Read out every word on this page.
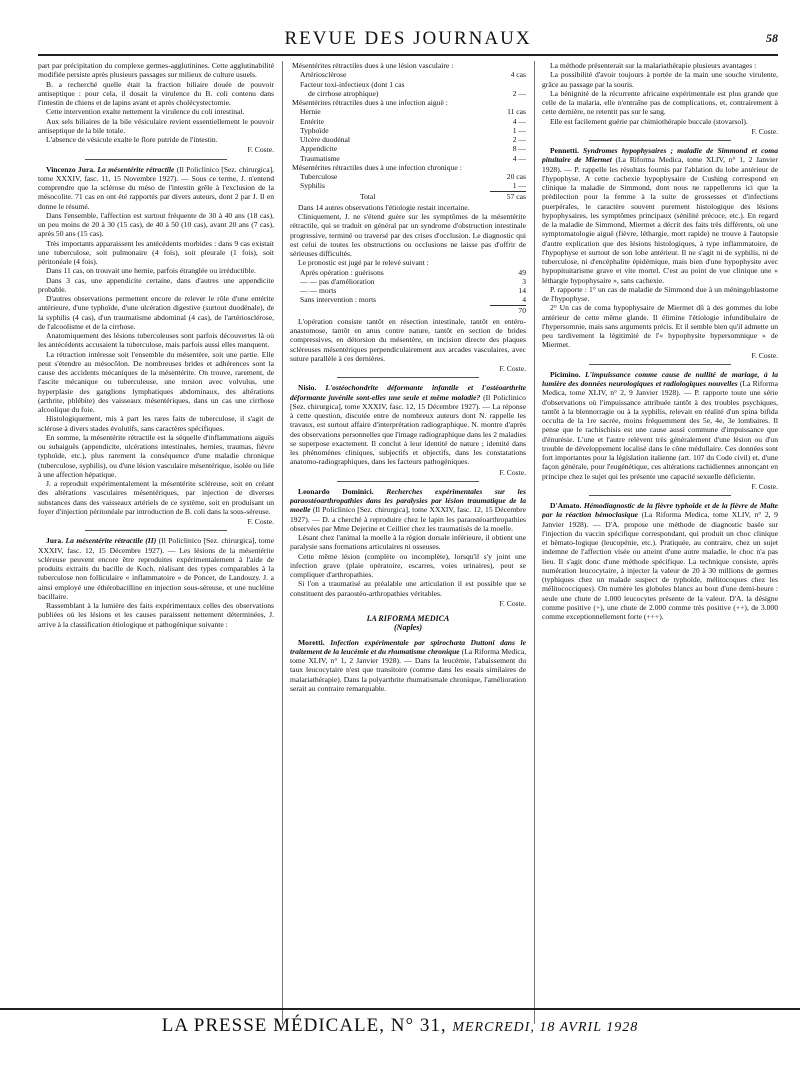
REVUE DES JOURNAUX	58

part par précipitation du complexe germes-agglutinines. Cette agglutinabilité modifiée persiste après plusieurs passages sur milieux de culture usuels.

B. a recherché quelle était la fraction biliaire douée de pouvoir antiseptique : pour cela, il dosait la virulence du B. coli contenu dans l'intestin de chiens et de lapins avant et après cholécystectomie.

Cette intervention exalte nettement la virulence du coli intestinal.

Aux sels biliaires de la bile vésiculaire revient essentiellement le pouvoir antiseptique de la bile totale.

L'absence de vésicule exalte le flore putride de l'intestin.

F. Coste.

Vincenzo Jura. La mésentérite rétractile (Il Policlinico [Sez. chirurgica], tome XXXIV, fasc. 11, 15 Novembre 1927). — Sous ce terme, J. n'entend comprendre que la sclérose du méso de l'intestin grêle à l'exclusion de la mésocolite. 71 cas en ont été rapportés par divers auteurs, dont 2 par J. Il en donne le résumé.

Dans l'ensemble, l'affection est surtout fréquente de 30 à 40 ans (18 cas), un peu moins de 20 à 30 (15 cas), de 40 à 50 (10 cas), avant 20 ans (7 cas), après 50 ans (15 cas).

Très importants apparaissent les antécédents morbides : dans 9 cas existait une tuberculose, soit pulmonaire (4 fois), soit pleurale (1 fois), soit péritonéale (4 fois).

Dans 11 cas, on trouvait une hernie, parfois étranglée ou irréductible.

Dans 3 cas, une appendicite certaine, dans d'autres une appendicite probable.

D'autres observations permettent encore de relever le rôle d'une entérite antérieure, d'une typhoïde, d'une ulcération digestive (surtout duodénale), de la syphilis (4 cas), d'un traumatisme abdominal (4 cas), de l'artériosclérose, de l'alcoolisme et de la cirrhose.

Anatomiquement des lésions tuberculeuses sont parfois découvertes là où les antécédents accusaient la tuberculose, mais parfois aussi elles manquent.

La rétraction intéresse soit l'ensemble du mésentère, soit une partie. Elle peut s'étendre au mésocôlon. De nombreuses brides et adhérences sont la cause des accidents mécaniques de la mésentérite. On trouve, rarement, de l'ascite mécanique ou tuberculeuse, une torsion avec volvulus, une hyperplasie des ganglions lymphatiques abdominaux, des altérations (arthrite, phlébite) des vaisseaux mésentériques, dans un cas une cirrhose alcoolique du foie.

Histologiquement, mis à part les rares faits de tuberculose, il s'agit de sclérose à divers stades évolutifs, sans caractères spécifiques.

En somme, la mésentérite rétractile est la séquelle d'inflammations aiguës ou subaiguës (appendicite, ulcérations intestinales, hernies, traumas, fièvre typhoïde, etc.), plus rarement la conséquence d'une maladie chronique (tuberculose, syphilis), ou d'une lésion vasculaire mésentérique, isolée ou liée à une affection hépatique.

J. a reproduit expérimentalement la mésentérite scléreuse, soit en créant des altérations vasculaires mésentériques, par injection de diverses substances dans des vaisseaux artériels de ce système, soit en produisant un foyer d'injection péritonéale par introduction de B. coli dans la sous-séreuse.

F. Coste.

Jura. La mésentérite rétractile (II) (Il Policlinico [Sez. chirurgica], tome XXXIV, fasc. 12, 15 Décembre 1927). — Les lésions de la mésentérite scléreuse peuvent encore être reproduites expérimentalement à l'aide de produits extraits du bacille de Koch, réalisant des types comparables à la tuberculose non folliculaire « inflammatoire » de Poncet, de Landouzy. J. a ainsi employé une éthérobacilline en injection sous-séreuse, et une nucléine bacillaire.

Rassemblant à la lumière des faits expérimentaux celles des observations publiées où les lésions et les causes paraissent nettement déterminées, J. arrive à la classification étiologique et pathogénique suivante :

Mésentérites rétractiles dues à une lésion vasculaire :
Artériosclérose	4 cas
Facteur toxi-infectieux (dont 1 cas
de cirrhose atrophique)	2 —
Mésentérites rétractiles dues à une infection aiguë :
Hernie	11 cas
Entérite	4 —
Typhoïde	1 —
Ulcère duodénal	2 —
Appendicite	8 —
Traumatisme	4 —
Mésentérites rétractiles dues à une infection chronique :
Tuberculose	20 cas
Syphilis	1 —
Total	57 cas

Dans 14 autres observations l'étiologie restait incertaine.

Cliniquement, J. ne s'étend guère sur les symptômes de la mésentérite rétractile, qui se traduit en général par un syndrome d'obstruction intestinale progressive, terminé ou traversé par des crises d'occlusion. Le diagnostic qui est celui de toutes les obstructions ou occlusions ne laisse pas d'offrir de sérieuses difficultés.

Le pronostic est jugé par le relevé suivant :

Après opération : guérisons	49
— — pas d'amélioration	3
— — morts	14
Sans intervention : morts	4
70

L'opération consiste tantôt en résection intestinale, tantôt en entéro-anastomose, tantôt en anus contre nature, tantôt en section de brides compressives, en détorsion du mésentère, en incision directe des plaques scléreuses mésentériques perpendiculairement aux arcades vasculaires, avec suture parallèle à ces dernières.

F. Coste.

Nisio. L'ostéochondrite déformante infantile et l'ostéoarthrite déformante juvénile sont-elles une seule et même maladie? (Il Policlinico [Sez. chirurgica], tome XXXIV, fasc. 12, 15 Décembre 1927). — La réponse à cette question, discutée entre de nombreux auteurs dont N. rappelle les travaux, est surtout affaire d'interprétation radiographique. N. montre d'après des observations personnelles que l'image radiographique dans les 2 maladies se superpose exactement. Il conclut à leur identité de nature ; identité dans les phénomènes cliniques, subjectifs et objectifs, dans les constatations anatomo-radiographiques, dans les facteurs pathogéniques.

F. Coste.

Leonardo Dominici. Recherches expérimentales sur les paraostéoarthropathies dans les paralysies par lésion traumatique de la moelle (Il Policlinico [Sez. chirurgica], tome XXXIV, fasc. 12, 15 Décembre 1927). — D. a cherché à reproduire chez le lapin les paraostéoarthropathies observées par Mme Dejerine et Ceillier chez les traumatisés de la moelle.

Lésant chez l'animal la moelle à la région dorsale inférieure, il obtient une paralysie sans formations articulaires ni osseuses.

Cette même lésion (complète ou incomplète), lorsqu'il s'y joint une infection grave (plaie opératoire, escarres, voies urinaires), peut se compliquer d'arthropathies.

Si l'on a traumatisé au préalable une articulation il est possible que se constituent des paraostéo-arthropathies véritables.

F. Coste.
LA RIFORMA MEDICA
(Naples)

Moretti. Infection expérimentale par spirochæta Duttoni dans le traitement de la leucémie et du rhumatisme chronique (La Riforma Medica, tome XLIV, n° 1, 2 Janvier 1928). — Dans la leucémie, l'abaissement du taux leucocytaire n'est que transitoire (comme dans les essais similaires de malariathérapie). Dans la polyarthrite rhumatismale chronique, l'amélioration serait au contraire remarquable.

La méthode présenterait sur la malariathérapie plusieurs avantages :

La possibilité d'avoir toujours à portée de la main une souche virulente, grâce au passage par la souris.

La bénignité de la récurrente africaine expérimentale est plus grande que celle de la malaria, elle n'entraîne pas de complications, et, contrairement à cette dernière, ne retentit pas sur le sang.

Elle est facilement guérie par chimiothérapie buccale (stovarsol).

F. Coste.

Pennetti. Syndromes hypophysaires ; maladie de Simmond et coma pituitaire de Miermet (La Riforma Medica, tome XLIV, n° 1, 2 Janvier 1928). — P. rappelle les résultats fournis par l'ablation du lobe antérieur de l'hypophyse. A cette cachexie hypophysaire de Cushing correspond en clinique la maladie de Simmond, dont nous ne rappellerons ici que la prédilection pour la femme à la suite de grossesses et d'infections puerpérales, le caractère souvent purement histologique des lésions hypophysaires, les symptômes principaux (sénilité précoce, etc.). En regard de la maladie de Simmond, Miermet a décrit des faits très différents, où une symptomatologie aiguë (fièvre, léthargie, mort rapide) ne trouve à l'autopsie d'autre explication que des lésions histologiques, à type inflammatoire, de l'hypophyse et surtout de son lobe antérieur. Il ne s'agit ni de syphilis, ni de tuberculose, ni d'encéphalite épidémique, mais bien d'une hypophysite avec hypopituitarisme grave et vite mortel. C'est au point de vue clinique une « léthargie hypophysaire », sans cachexie.

P. rapporte : 1° un cas de maladie de Simmond due à un méningoblastome de l'hypophyse.

2° Un cas de coma hypophysaire de Miermet dû à des gommes du lobe antérieur de cette même glande. Il élimine l'étiologie infundibulaire de l'hypersomnie, mais sans arguments précis. Et il semble bien qu'il admette un peu tardivement la légitimité de l'« hypophysite hypersomnique » de Miermet.

F. Coste.

Picimino. L'impuissance comme cause de nullité de mariage, à la lumière des données neurologiques et radiologiques nouvelles (La Riforma Medica, tome XLIV, n° 2, 9 Janvier 1928). — P. rapporte toute une série d'observations où l'impuissance attribuée tantôt à des troubles psychiques, tantôt à la blennorragie ou à la syphilis, relevait en réalité d'un spina bifida occulta de la 1re sacrée, moins fréquemment des 5e, 4e, 3e lombaires. Il pense que le rachischisis est une cause aussi commune d'impuissance que d'énurésie. L'une et l'autre relèvent très généralement d'une lésion ou d'un trouble de développement localisé dans le cône médullaire. Ces données sont fort importantes pour la législation italienne (art. 107 du Code civil) et, d'une façon générale, pour l'eugénétique, ces altérations rachidiennes annonçant en principe chez le sujet qui les présente une capacité sexuelle déficiente.

F. Coste.

D'Amato. Hémodiagnostic de la fièvre typhoïde et de la fièvre de Malte par la réaction hémoclasique (La Riforma Medica, tome XLIV, n° 2, 9 Janvier 1928). — D'A. propose une méthode de diagnostic basée sur l'injection du vaccin spécifique correspondant, qui produit un choc clinique et hémato-logique (leucopénie, etc.). Pratiquée, au contraire, chez un sujet indemne de l'affection visée ou atteint d'une autre maladie, le choc n'a pas lieu. Il s'agit donc d'une méthode spécifique. La technique consiste, après numération leucocytaire, à injecter la valeur de 20 à 30 millions de germes (typhiques chez un malade suspect de typhoïde, mélitocoques chez les mélitococciques). On numère les globules blancs au bout d'une demi-heure : seule une chute de 1.000 leucocytes présente de la valeur. D'A. la désigne comme positive (+), une chute de 2.000 comme très positive (++), de 3.000 comme exceptionnellement forte (+++).

LA PRESSE MÉDICALE, N° 31, MERCREDI, 18 AVRIL 1928
